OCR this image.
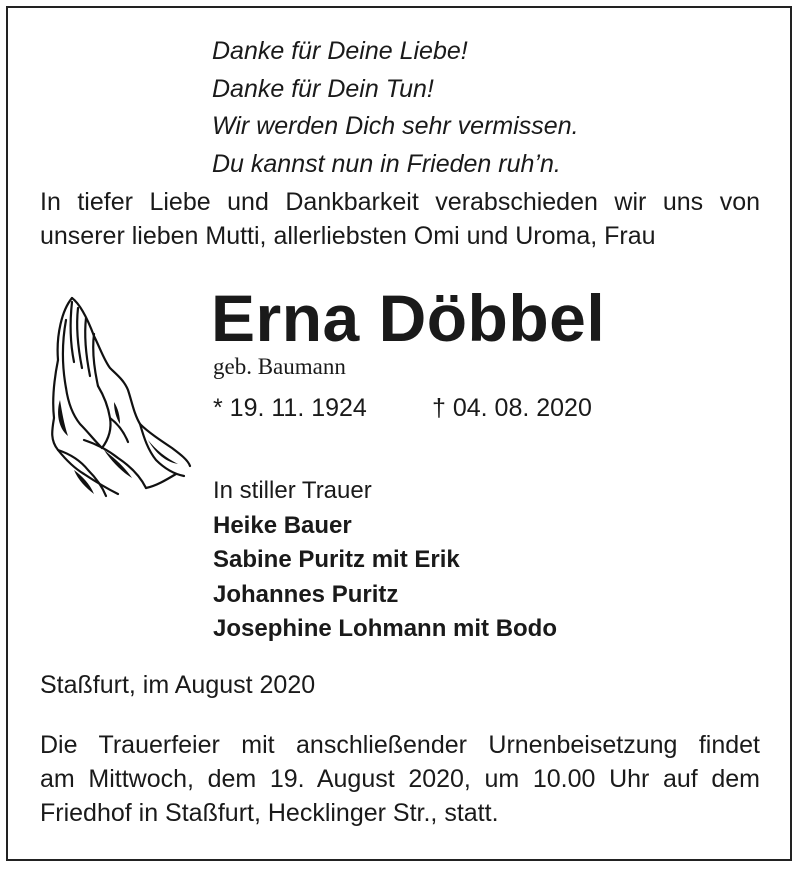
Danke für Deine Liebe!
Danke für Dein Tun!
Wir werden Dich sehr vermissen.
Du kannst nun in Frieden ruh’n.
In tiefer Liebe und Dankbarkeit verabschieden wir uns von
unserer lieben Mutti, allerliebsten Omi und Uroma, Frau
Erna Döbbel
geb. Baumann
* 19. 11. 1924	† 04. 08. 2020
In stiller Trauer
Heike Bauer
Sabine Puritz mit Erik
Johannes Puritz
Josephine Lohmann mit Bodo
Staßfurt, im August 2020
Die Trauerfeier mit anschließender Urnenbeisetzung findet
am Mittwoch, dem 19. August 2020, um 10.00 Uhr auf dem
Friedhof in Staßfurt, Hecklinger Str., statt.
